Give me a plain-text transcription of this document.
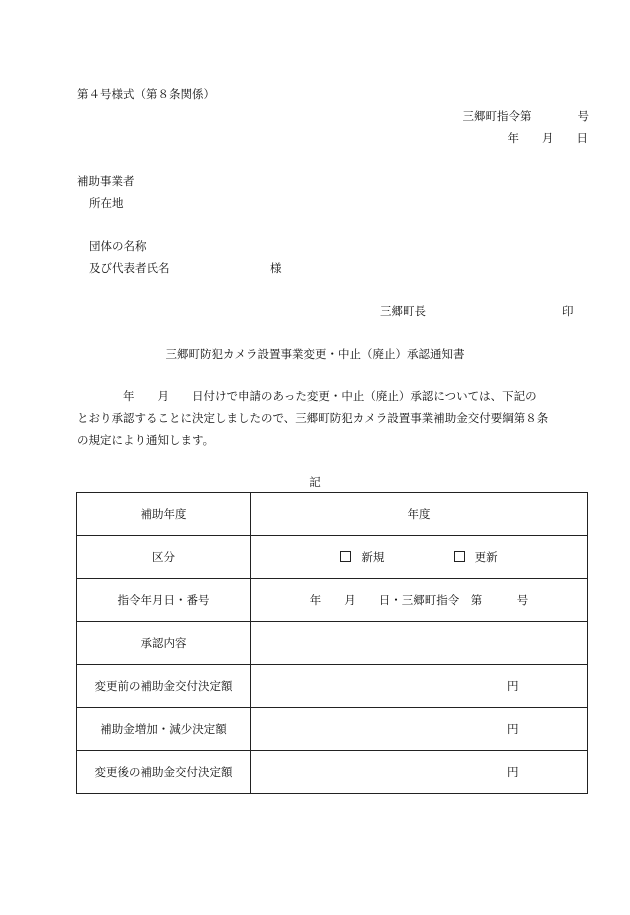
第４号様式（第８条関係）
三郷町指令第　　　　号
年　　月　　日
補助事業者
所在地
団体の名称
及び代表者氏名	様
三郷町長	印
三郷町防犯カメラ設置事業変更・中止（廃止）承認通知書
年　　月　　日付けで申請のあった変更・中止（廃止）承認については、下記の
とおり承認することに決定しましたので、三郷町防犯カメラ設置事業補助金交付要綱第８条
の規定により通知します。
記
補助年度	年度
区分	新規 更新
指令年月日・番号	年　　月　　日・三郷町指令　第　　　号
承認内容	
変更前の補助金交付決定額	円
補助金増加・減少決定額	円
変更後の補助金交付決定額	円
